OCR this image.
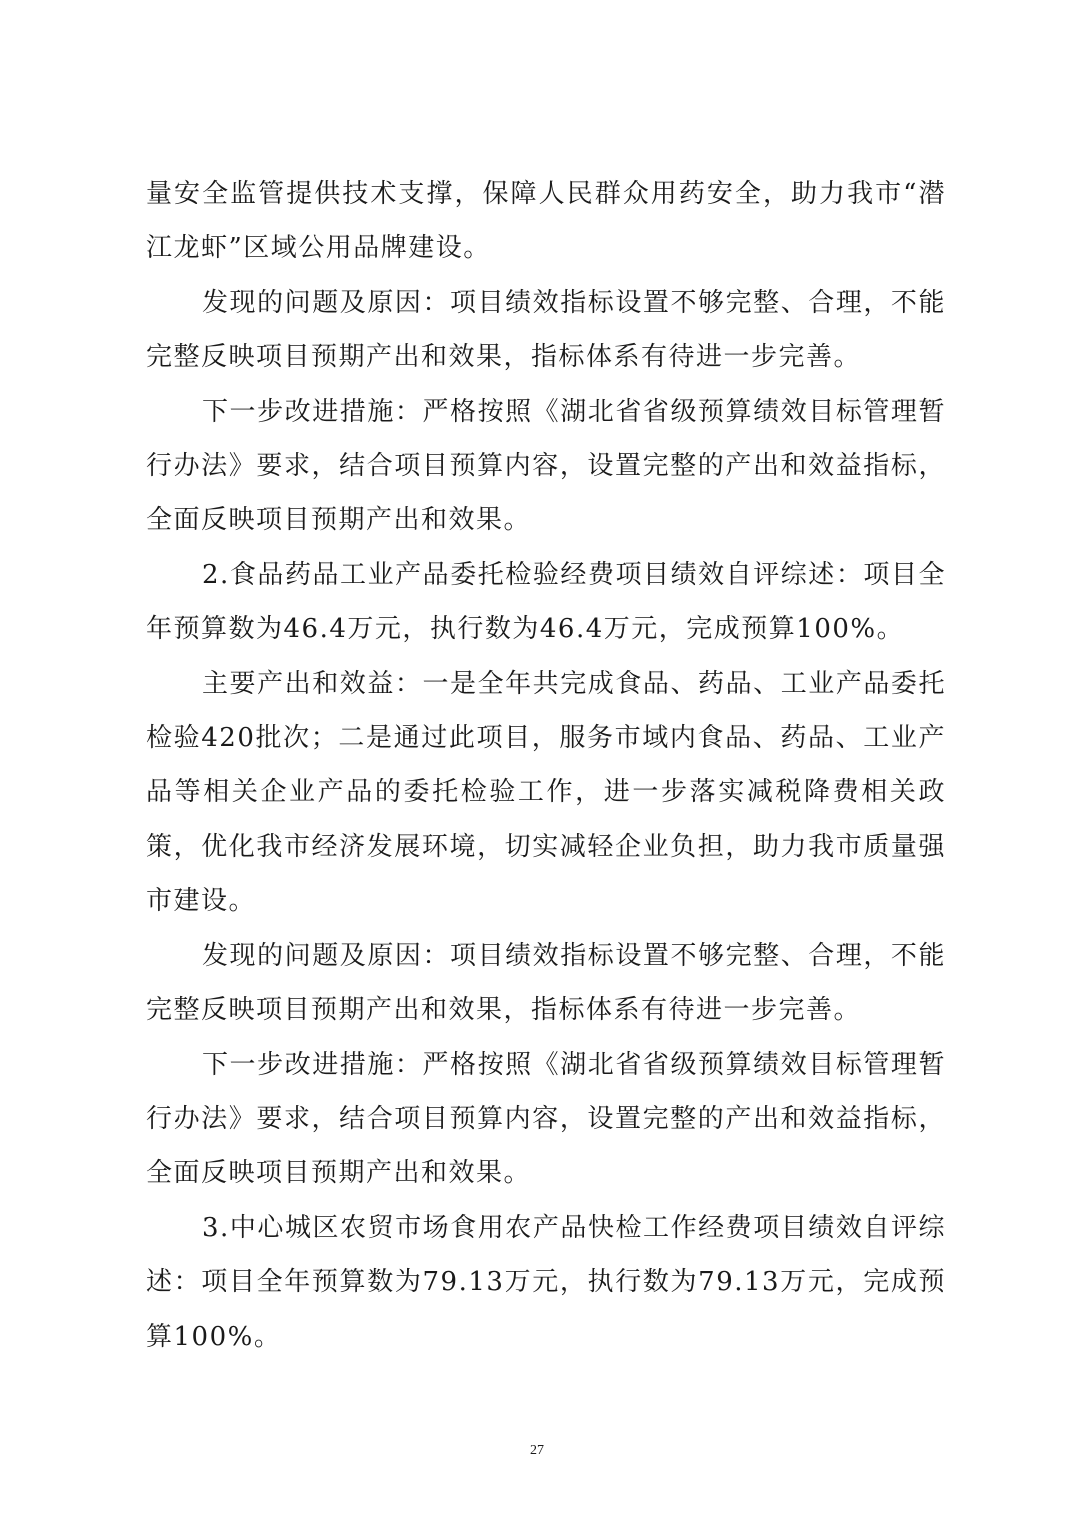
量安全监管提供技术支撑，保障人民群众用药安全，助力我市“潜江龙虾”区域公用品牌建设。

发现的问题及原因：项目绩效指标设置不够完整、合理，不能完整反映项目预期产出和效果，指标体系有待进一步完善。

下一步改进措施：严格按照《湖北省省级预算绩效目标管理暂行办法》要求，结合项目预算内容，设置完整的产出和效益指标，全面反映项目预期产出和效果。

2.食品药品工业产品委托检验经费项目绩效自评综述：项目全年预算数为46.4万元，执行数为46.4万元，完成预算100%。

主要产出和效益：一是全年共完成食品、药品、工业产品委托检验420批次；二是通过此项目，服务市域内食品、药品、工业产品等相关企业产品的委托检验工作，进一步落实减税降费相关政策，优化我市经济发展环境，切实减轻企业负担，助力我市质量强市建设。

发现的问题及原因：项目绩效指标设置不够完整、合理，不能完整反映项目预期产出和效果，指标体系有待进一步完善。

下一步改进措施：严格按照《湖北省省级预算绩效目标管理暂行办法》要求，结合项目预算内容，设置完整的产出和效益指标，全面反映项目预期产出和效果。

3.中心城区农贸市场食用农产品快检工作经费项目绩效自评综述：项目全年预算数为79.13万元，执行数为79.13万元，完成预算100%。

27
